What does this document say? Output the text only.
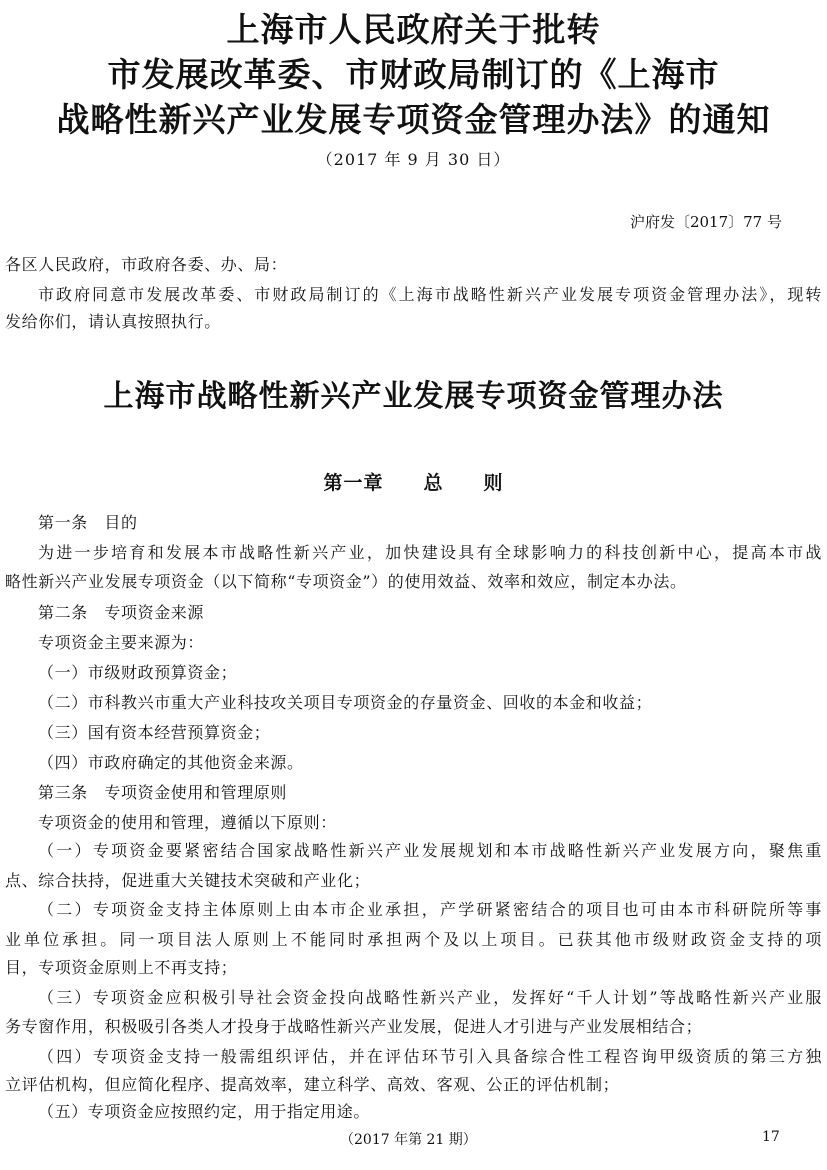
上海市人民政府关于批转
市发展改革委、市财政局制订的《上海市
战略性新兴产业发展专项资金管理办法》的通知
（2017 年 9 月 30 日）
沪府发〔2017〕77 号
各区人民政府，市政府各委、办、局：
市政府同意市发展改革委、市财政局制订的《上海市战略性新兴产业发展专项资金管理办法》，现转
发给你们，请认真按照执行。
上海市战略性新兴产业发展专项资金管理办法
第一章　　总　　则
第一条　目的
为进一步培育和发展本市战略性新兴产业，加快建设具有全球影响力的科技创新中心，提高本市战
略性新兴产业发展专项资金（以下简称“专项资金”）的使用效益、效率和效应，制定本办法。
第二条　专项资金来源
专项资金主要来源为：
（一）市级财政预算资金；
（二）市科教兴市重大产业科技攻关项目专项资金的存量资金、回收的本金和收益；
（三）国有资本经营预算资金；
（四）市政府确定的其他资金来源。
第三条　专项资金使用和管理原则
专项资金的使用和管理，遵循以下原则：
（一）专项资金要紧密结合国家战略性新兴产业发展规划和本市战略性新兴产业发展方向，聚焦重
点、综合扶持，促进重大关键技术突破和产业化；
（二）专项资金支持主体原则上由本市企业承担，产学研紧密结合的项目也可由本市科研院所等事
业单位承担。同一项目法人原则上不能同时承担两个及以上项目。已获其他市级财政资金支持的项
目，专项资金原则上不再支持；
（三）专项资金应积极引导社会资金投向战略性新兴产业，发挥好“千人计划”等战略性新兴产业服
务专窗作用，积极吸引各类人才投身于战略性新兴产业发展，促进人才引进与产业发展相结合；
（四）专项资金支持一般需组织评估，并在评估环节引入具备综合性工程咨询甲级资质的第三方独
立评估机构，但应简化程序、提高效率，建立科学、高效、客观、公正的评估机制；
（五）专项资金应按照约定，用于指定用途。
（2017 年第 21 期）	17
